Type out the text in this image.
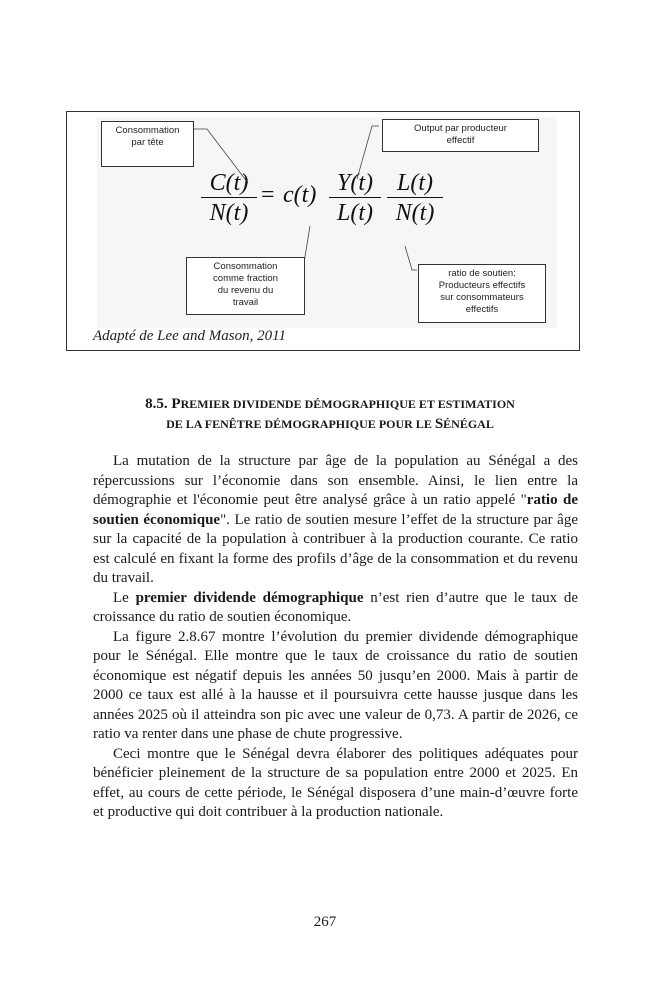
Consommation
par tête
Output par producteur
effectif
Consommation
comme fraction
du revenu du
travail
ratio de soutien:
Producteurs effectifs
sur consommateurs
effectifs
$\frac{C(t)}{N(t)} = c(t) \frac{Y(t)}{L(t)} \frac{L(t)}{N(t)}$
Adapté de Lee and Mason, 2011
8.5. PREMIER DIVIDENDE DÉMOGRAPHIQUE ET ESTIMATION
DE LA FENÊTRE DÉMOGRAPHIQUE POUR LE SÉNÉGAL

La mutation de la structure par âge de la population au Sénégal a des répercussions sur l’économie dans son ensemble. Ainsi, le lien entre la démographie et l'économie peut être analysé grâce à un ratio appelé "ratio de soutien économique". Le ratio de soutien mesure l’effet de la structure par âge sur la capacité de la population à contribuer à la production courante. Ce ratio est calculé en fixant la forme des profils d’âge de la consommation et du revenu du travail.

Le premier dividende démographique n’est rien d’autre que le taux de croissance du ratio de soutien économique.

La figure 2.8.67 montre l’évolution du premier dividende démographique pour le Sénégal. Elle montre que le taux de croissance du ratio de soutien économique est négatif depuis les années 50 jusqu’en 2000. Mais à partir de 2000 ce taux est allé à la hausse et il poursuivra cette hausse jusque dans les années 2025 où il atteindra son pic avec une valeur de 0,73. A partir de 2026, ce ratio va renter dans une phase de chute progressive.

Ceci montre que le Sénégal devra élaborer des politiques adéquates pour bénéficier pleinement de la structure de sa population entre 2000 et 2025. En effet, au cours de cette période, le Sénégal disposera d’une main-d’œuvre forte et productive qui doit contribuer à la production nationale.

267
